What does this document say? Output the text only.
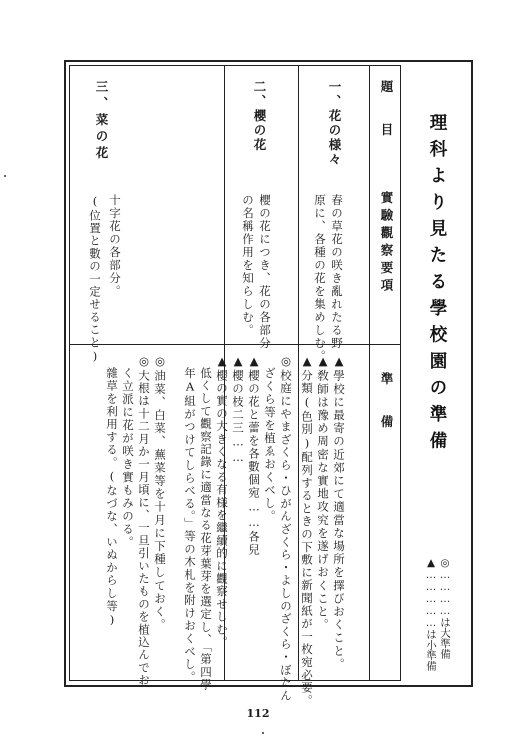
理科より見たる學校園の準備
◎…………は大準備
▲……………は小準備
題　目
實驗觀察要項
準　備
一、花の様々
春の草花の咲き亂れたる野
原に、各種の花を集めしむ。
▲學校に最寄の近郊にて適當な場所を擇びおくこと。
▲敎師は豫め周密な實地攻究を遂げおくこと。
▲分類(色別)配列するときの下敷に新聞紙が一枚宛必要。
二、櫻の花
櫻の花につき、花の各部分
の名稱作用を知らしむ。
◎校庭にやまざくら・ひがんざくら・よしのざくら・ぼたん
　ざくら等を植ゑおくべし。
▲櫻の花と蕾を各數個宛……各兒
▲櫻の枝二三……
▲櫻の實の大きくなる有様を繼續的に觀察せしむ。
　低くして觀察記錄に適當なる花芽葉芽を選定し、「第四學
　年A組がつけてしらべる。」等の木札を附けおくべし。
三、菜の花
十字花の各部分。
(位置と數の一定せること)
◎油菜、白菜、蕪菜等を十月に下種しておく。
◎大根は十二月か一月頃に、一旦引いたものを植込んでお
　く立派に花が咲き實もみのる。
　雜草を利用する。(なづな、いぬからし等)
112
